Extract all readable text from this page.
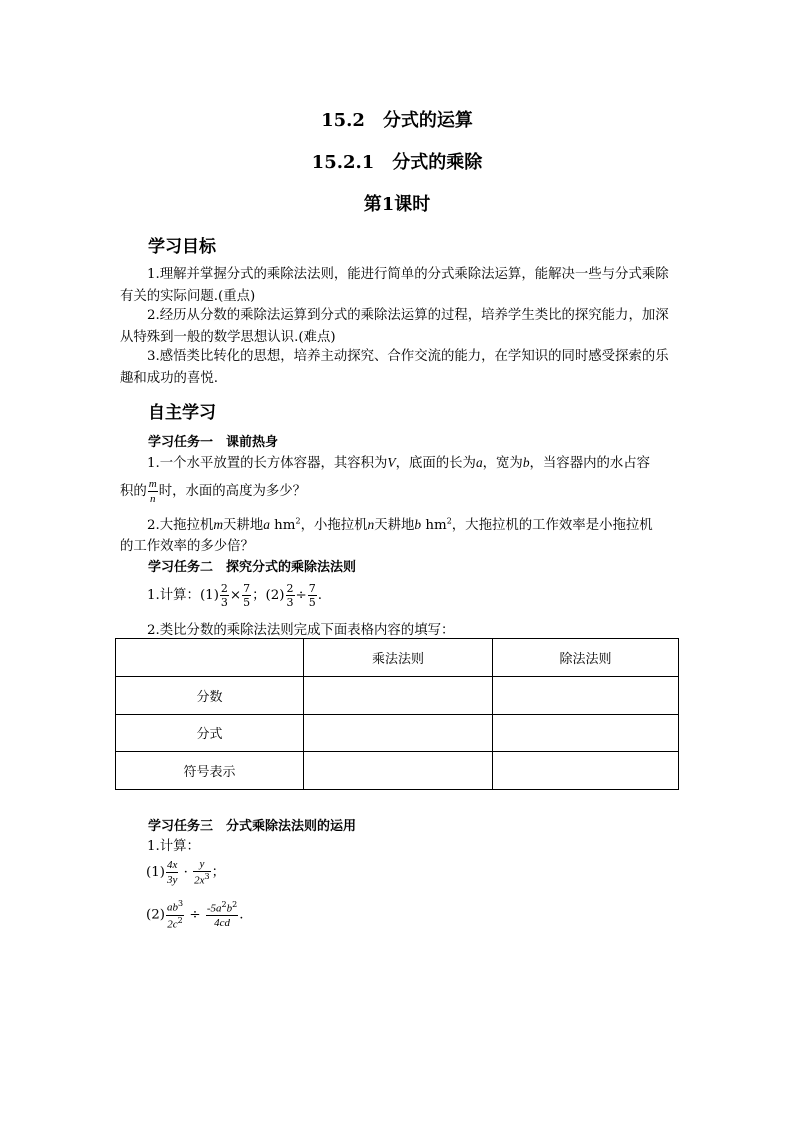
15.2　分式的运算
15.2.1　分式的乘除
第1课时
学习目标
1.理解并掌握分式的乘除法法则，能进行简单的分式乘除法运算，能解决一些与分式乘除有关的实际问题.(重点)
2.经历从分数的乘除法运算到分式的乘除法运算的过程，培养学生类比的探究能力，加深从特殊到一般的数学思想认识.(难点)
3.感悟类比转化的思想，培养主动探究、合作交流的能力，在学知识的同时感受探索的乐趣和成功的喜悦.
自主学习
学习任务一　课前热身
1.一个水平放置的长方体容器，其容积为V，底面的长为a，宽为b，当容器内的水占容
积的 $\frac{m}{n}$ 时，水面的高度为多少？
2.大拖拉机m天耕地a $hm^2$，小拖拉机n天耕地b $hm^2$，大拖拉机的工作效率是小拖拉机
的工作效率的多少倍？
学习任务二　探究分式的乘除法法则
1.计算：$(1) \frac{2}{3} \times \frac{7}{5}$ ；$(2) \frac{2}{3} \div \frac{7}{5}$ .
2.类比分数的乘除法法则完成下面表格内容的填写：
	乘法法则	除法法则
分数		
分式		
符号表示		
学习任务三　分式乘除法法则的运用
1.计算：
$(1) \frac{4x}{3y} \cdot \frac{y}{2x^3}$ ；
$(2) \frac{ab^3}{2c^2} \div \frac{-5a^2b^2}{4cd}$ .
